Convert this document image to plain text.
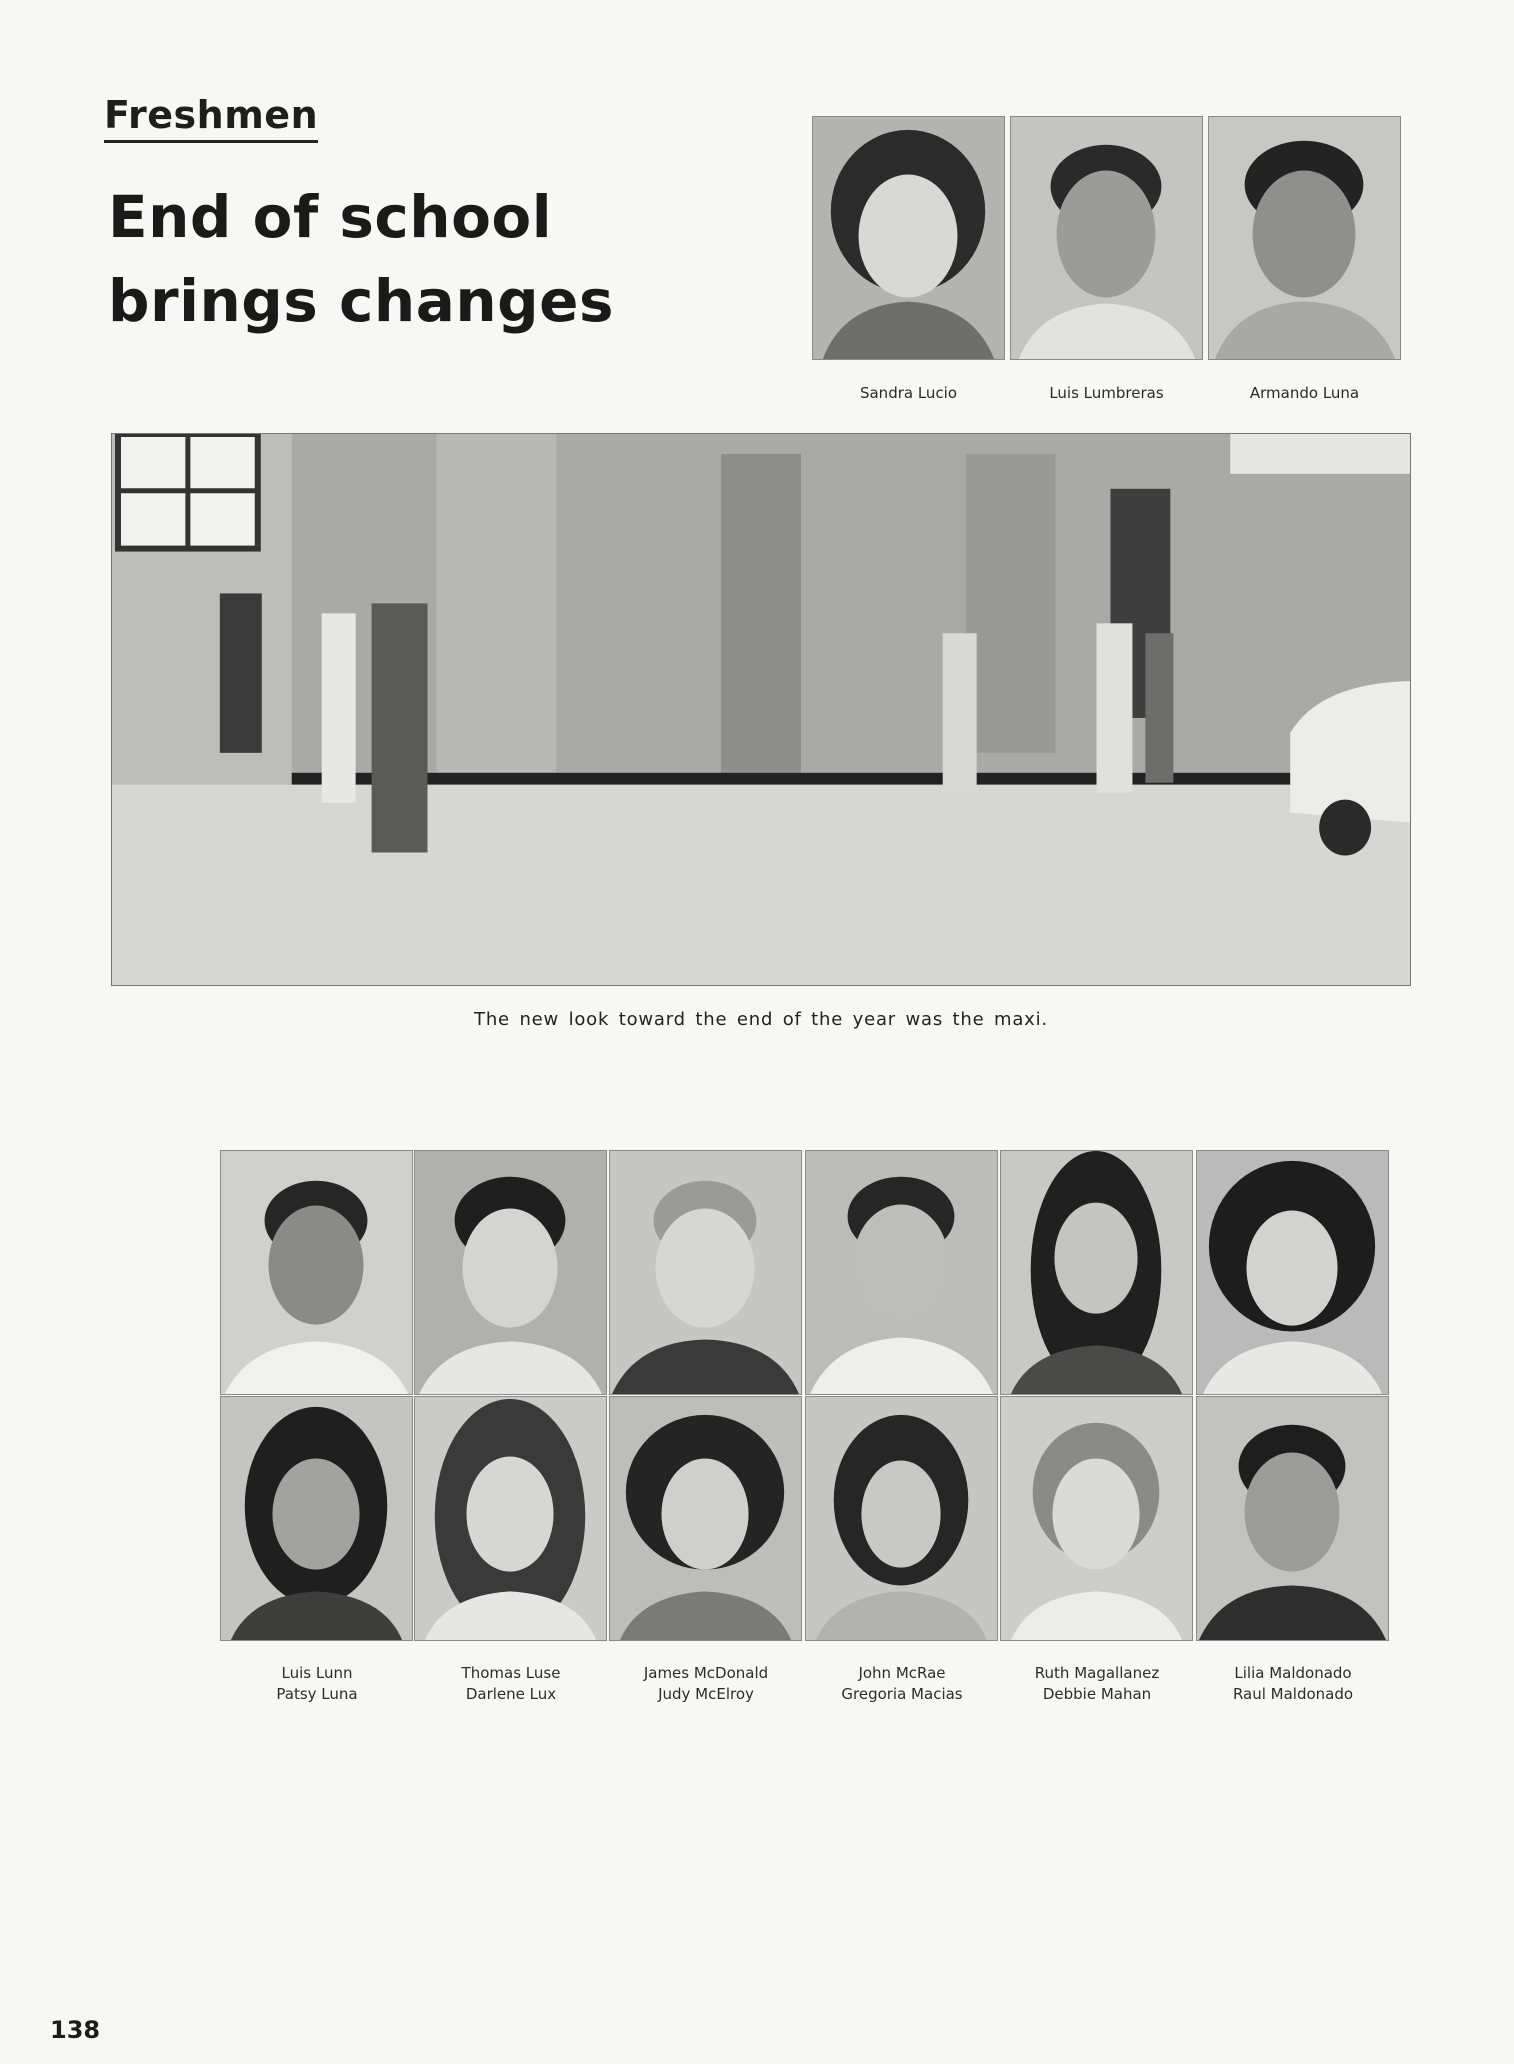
Freshmen
End of school
brings changes
Sandra Lucio	Luis Lumbreras	Armando Luna
The new look toward the end of the year was the maxi.
Luis Lunn
Patsy Luna
Thomas Luse
Darlene Lux
James McDonald
Judy McElroy
John McRae
Gregoria Macias
Ruth Magallanez
Debbie Mahan
Lilia Maldonado
Raul Maldonado
138
